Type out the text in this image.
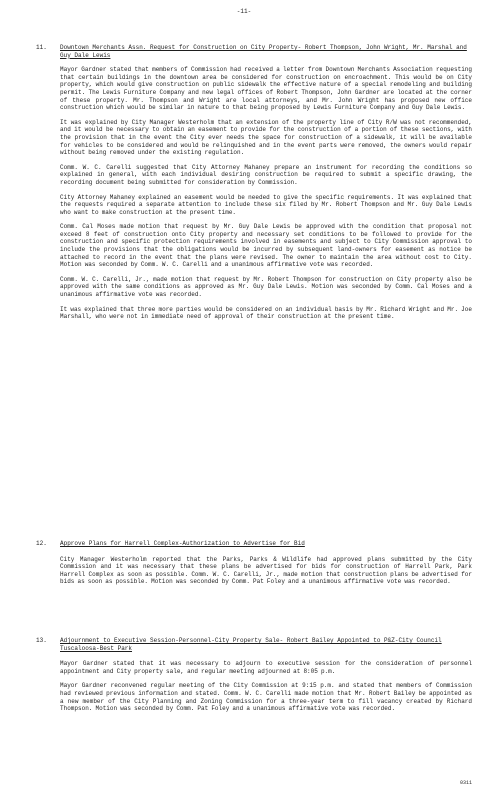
-11-
11.	Downtown Merchants Assn. Request for Construction on City Property- Robert Thompson, John Wright, Mr. Marshal and Guy Dale Lewis

Mayor Gardner stated that members of Commission had received a letter from Downtown Merchants Association requesting that certain buildings in the downtown area be considered for construction on encroachment. This would be on City property, which would give construction on public sidewalk the effective nature of a special remodeling and building permit. The Lewis Furniture Company and new legal offices of Robert Thompson, John Gardner are located at the corner of these property. Mr. Thompson and Wright are local attorneys, and Mr. John Wright has proposed new office construction which would be similar in nature to that being proposed by Lewis Furniture Company and Guy Dale Lewis.

It was explained by City Manager Westerholm that an extension of the property line of City R/W was not recommended, and it would be necessary to obtain an easement to provide for the construction of a portion of these sections, with the provision that in the event the City ever needs the space for construction of a sidewalk, it will be available for vehicles to be considered and would be relinquished and in the event parts were removed, the owners would repair without being removed under the existing regulation.

Comm. W. C. Carelli suggested that City Attorney Mahaney prepare an instrument for recording the conditions so explained in general, with each individual desiring construction be required to submit a specific drawing, the recording document being submitted for consideration by Commission.

City Attorney Mahaney explained an easement would be needed to give the specific requirements. It was explained that the requests required a separate attention to include these six filed by Mr. Robert Thompson and Mr. Guy Dale Lewis who want to make construction at the present time.

Comm. Cal Moses made motion that request by Mr. Guy Dale Lewis be approved with the condition that proposal not exceed 8 feet of construction onto City property and necessary set conditions to be followed to provide for the construction and specific protection requirements involved in easements and subject to City Commission approval to include the provisions that the obligations would be incurred by subsequent land-owners for easement as notice be attached to record in the event that the plans were revised. The owner to maintain the area without cost to City. Motion was seconded by Comm. W. C. Carelli and a unanimous affirmative vote was recorded.

Comm. W. C. Carelli, Jr., made motion that request by Mr. Robert Thompson for construction on City property also be approved with the same conditions as approved as Mr. Guy Dale Lewis. Motion was seconded by Comm. Cal Moses and a unanimous affirmative vote was recorded.

It was explained that three more parties would be considered on an individual basis by Mr. Richard Wright and Mr. Joe Marshall, who were not in immediate need of approval of their construction at the present time.

12.	Approve Plans for Harrell Complex-Authorization to Advertise for Bid

City Manager Westerholm reported that the Parks, Parks & Wildlife had approved plans submitted by the City Commission and it was necessary that these plans be advertised for bids for construction of Harrell Park, Park Harrell Complex as soon as possible. Comm. W. C. Carelli, Jr., made motion that construction plans be advertised for bids as soon as possible. Motion was seconded by Comm. Pat Foley and a unanimous affirmative vote was recorded.

13.	Adjournment to Executive Session-Personnel-City Property Sale- Robert Bailey Appointed to P&Z-City Council Tuscaloosa-Best Park

Mayor Gardner stated that it was necessary to adjourn to executive session for the consideration of personnel appointment and City property sale, and regular meeting adjourned at 8:05 p.m.

Mayor Gardner reconvened regular meeting of the City Commission at 9:15 p.m. and stated that members of Commission had reviewed previous information and stated. Comm. W. C. Carelli made motion that Mr. Robert Bailey be appointed as a new member of the City Planning and Zoning Commission for a three-year term to fill vacancy created by Richard Thompson. Motion was seconded by Comm. Pat Foley and a unanimous affirmative vote was recorded.

0311
